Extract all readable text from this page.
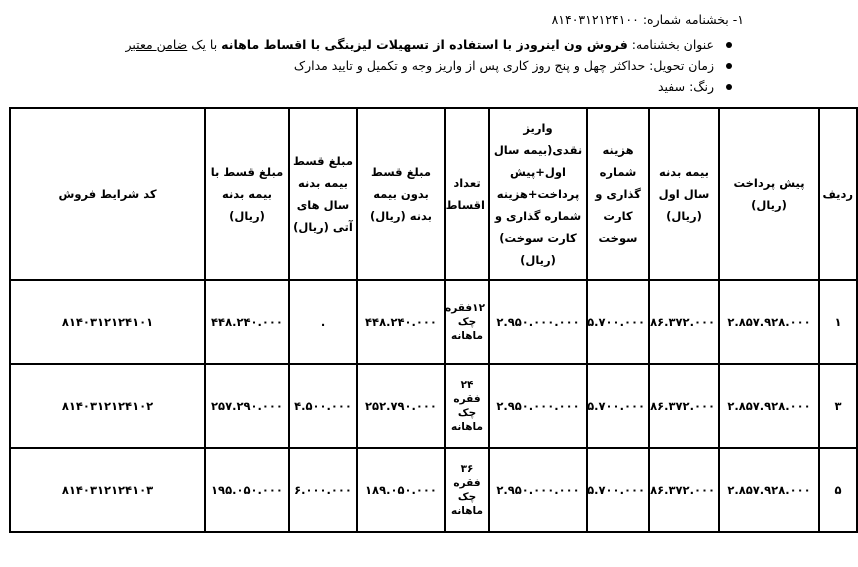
۱- بخشنامه شماره: ۸۱۴۰۳۱۲۱۲۴۱۰۰
عنوان بخشنامه: فروش ون اینرودز با استفاده از تسهیلات لیزینگی با اقساط ماهانه با یک ضامن معتبر
زمان تحویل: حداکثر چهل و پنج روز کاری پس از واریز وجه و تکمیل و تایید مدارک
رنگ: سفید
ردیف	پیش پرداخت (ریال)	بیمه بدنه سال اول (ریال)	هزینه شماره گذاری و کارت سوخت	واریز نقدی(بیمه سال اول+پیش پرداخت+هزینه شماره گذاری و کارت سوخت) (ریال)	تعداد اقساط	مبلغ قسط بدون بیمه بدنه (ریال)	مبلغ قسط بیمه بدنه سال های آتی (ریال)	مبلغ قسط با بیمه بدنه (ریال)	کد شرایط فروش
۱	۲.۸۵۷.۹۲۸.۰۰۰	۸۶.۳۷۲.۰۰۰	۵.۷۰۰.۰۰۰	۲.۹۵۰.۰۰۰.۰۰۰	۱۲فقره چک ماهانه	۴۴۸.۲۴۰.۰۰۰	.	۴۴۸.۲۴۰.۰۰۰	۸۱۴۰۳۱۲۱۲۴۱۰۱
۳	۲.۸۵۷.۹۲۸.۰۰۰	۸۶.۳۷۲.۰۰۰	۵.۷۰۰.۰۰۰	۲.۹۵۰.۰۰۰.۰۰۰	۲۴ فقره چک ماهانه	۲۵۲.۷۹۰.۰۰۰	۴.۵۰۰.۰۰۰	۲۵۷.۲۹۰.۰۰۰	۸۱۴۰۳۱۲۱۲۴۱۰۲
۵	۲.۸۵۷.۹۲۸.۰۰۰	۸۶.۳۷۲.۰۰۰	۵.۷۰۰.۰۰۰	۲.۹۵۰.۰۰۰.۰۰۰	۳۶ فقره چک ماهانه	۱۸۹.۰۵۰.۰۰۰	۶.۰۰۰.۰۰۰	۱۹۵.۰۵۰.۰۰۰	۸۱۴۰۳۱۲۱۲۴۱۰۳
